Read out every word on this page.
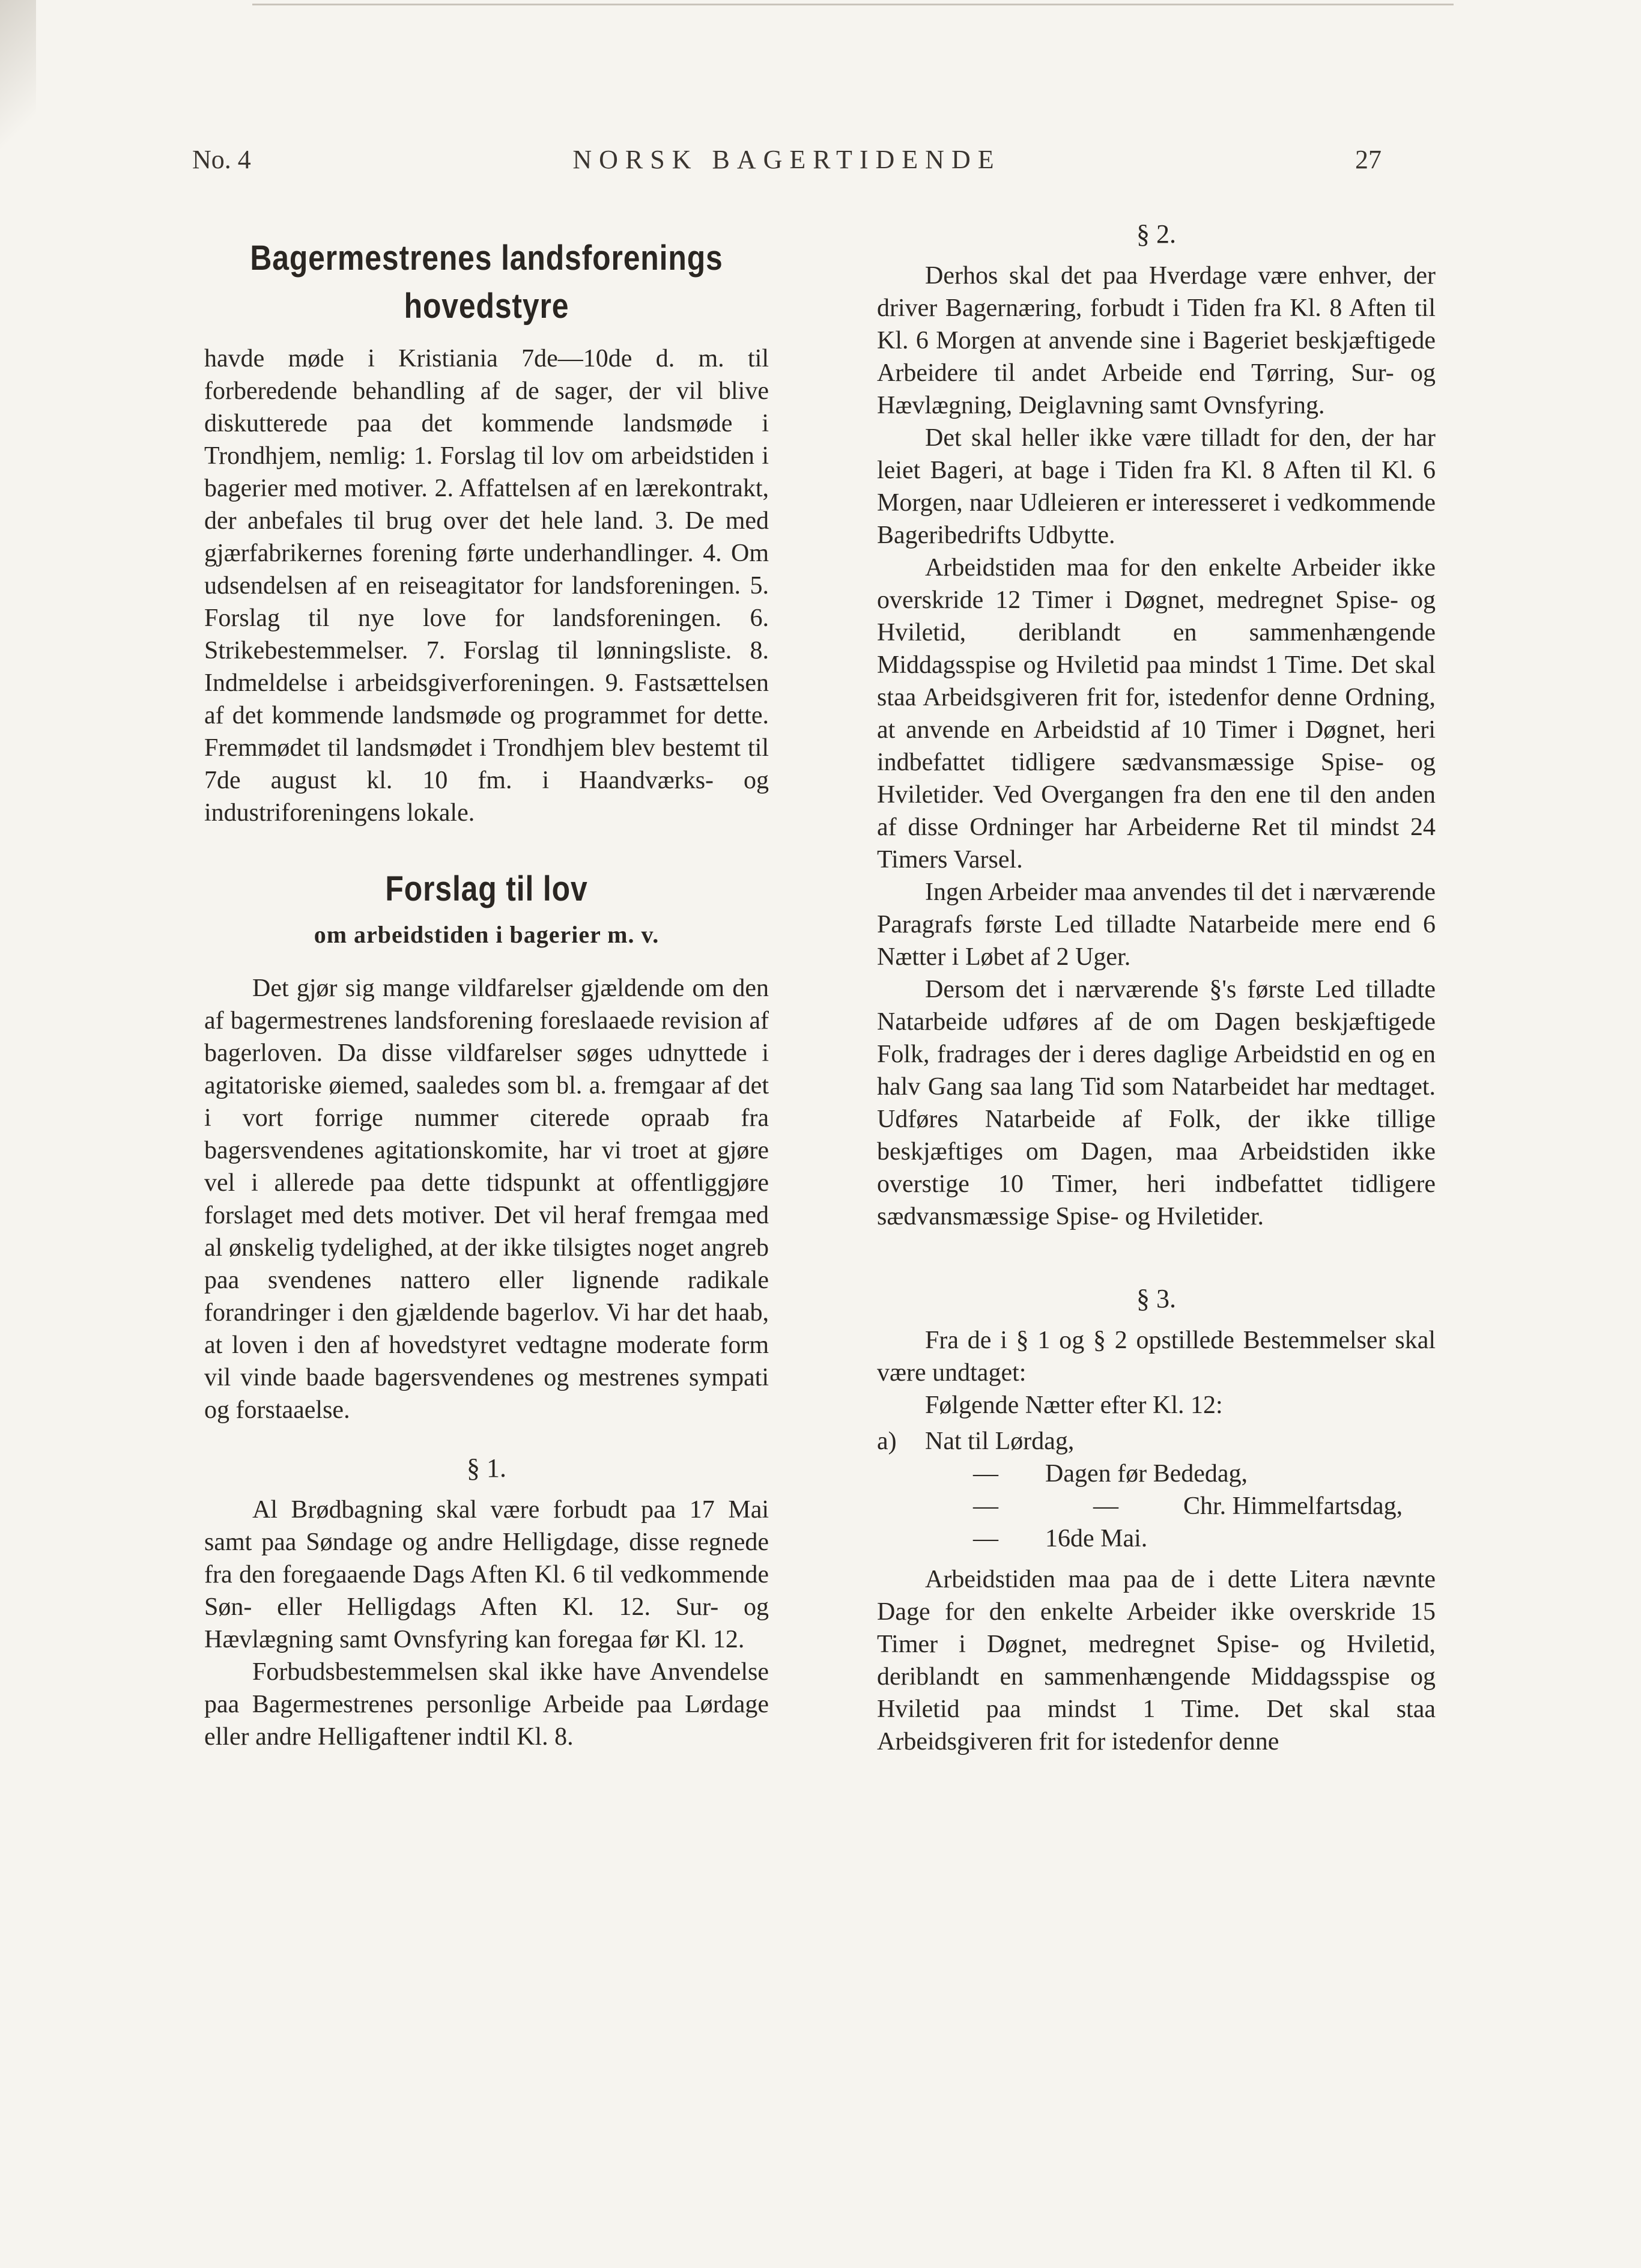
No. 4	NORSK BAGERTIDENDE	27
Bagermestrenes landsforenings hovedstyre

havde møde i Kristiania 7de—10de d. m. til forberedende behandling af de sager, der vil blive diskutterede paa det kommende landsmøde i Trondhjem, nemlig: 1. Forslag til lov om arbeidstiden i bagerier med motiver. 2. Affattelsen af en lærekontrakt, der anbefales til brug over det hele land. 3. De med gjærfabrikernes forening førte underhandlinger. 4. Om udsendelsen af en reiseagitator for landsforeningen. 5. Forslag til nye love for landsforeningen. 6. Strikebestemmelser. 7. Forslag til lønningsliste. 8. Indmeldelse i arbeidsgiverforeningen. 9. Fastsættelsen af det kommende landsmøde og programmet for dette. Fremmødet til landsmødet i Trondhjem blev bestemt til 7de august kl. 10 fm. i Haandværks- og industriforeningens lokale.

Forslag til lov
om arbeidstiden i bagerier m. v.

Det gjør sig mange vildfarelser gjældende om den af bagermestrenes landsforening foreslaaede revision af bagerloven. Da disse vildfarelser søges udnyttede i agitatoriske øiemed, saaledes som bl. a. fremgaar af det i vort forrige nummer citerede opraab fra bagersvendenes agitationskomite, har vi troet at gjøre vel i allerede paa dette tidspunkt at offentliggjøre forslaget med dets motiver. Det vil heraf fremgaa med al ønskelig tydelighed, at der ikke tilsigtes noget angreb paa svendenes nattero eller lignende radikale forandringer i den gjældende bagerlov. Vi har det haab, at loven i den af hovedstyret vedtagne moderate form vil vinde baade bagersvendenes og mestrenes sympati og forstaaelse.

§ 1.

Al Brødbagning skal være forbudt paa 17 Mai samt paa Søndage og andre Helligdage, disse regnede fra den foregaaende Dags Aften Kl. 6 til vedkommende Søn- eller Helligdags Aften Kl. 12. Sur- og Hævlægning samt Ovnsfyring kan foregaa før Kl. 12.

Forbudsbestemmelsen skal ikke have Anvendelse paa Bagermestrenes personlige Arbeide paa Lørdage eller andre Helligaftener indtil Kl. 8.

§ 2.

Derhos skal det paa Hverdage være enhver, der driver Bagernæring, forbudt i Tiden fra Kl. 8 Aften til Kl. 6 Morgen at anvende sine i Bageriet beskjæftigede Arbeidere til andet Arbeide end Tørring, Sur- og Hævlægning, Deiglavning samt Ovnsfyring.

Det skal heller ikke være tilladt for den, der har leiet Bageri, at bage i Tiden fra Kl. 8 Aften til Kl. 6 Morgen, naar Udleieren er interesseret i vedkommende Bageribedrifts Udbytte.

Arbeidstiden maa for den enkelte Arbeider ikke overskride 12 Timer i Døgnet, medregnet Spise- og Hviletid, deriblandt en sammenhængende Middagsspise og Hviletid paa mindst 1 Time. Det skal staa Arbeidsgiveren frit for, istedenfor denne Ordning, at anvende en Arbeidstid af 10 Timer i Døgnet, heri indbefattet tidligere sædvansmæssige Spise- og Hviletider. Ved Overgangen fra den ene til den anden af disse Ordninger har Arbeiderne Ret til mindst 24 Timers Varsel.

Ingen Arbeider maa anvendes til det i nærværende Paragrafs første Led tilladte Natarbeide mere end 6 Nætter i Løbet af 2 Uger.

Dersom det i nærværende §'s første Led tilladte Natarbeide udføres af de om Dagen beskjæftigede Folk, fradrages der i deres daglige Arbeidstid en og en halv Gang saa lang Tid som Natarbeidet har medtaget. Udføres Natarbeide af Folk, der ikke tillige beskjæftiges om Dagen, maa Arbeidstiden ikke overstige 10 Timer, heri indbefattet tidligere sædvansmæssige Spise- og Hviletider.

§ 3.

Fra de i § 1 og § 2 opstillede Bestemmelser skal være undtaget:

Følgende Nætter efter Kl. 12:

a) Nat til Lørdag,
— Dagen før Bededag,
—	—	Chr. Himmelfartsdag,
— 16de Mai.

Arbeidstiden maa paa de i dette Litera nævnte Dage for den enkelte Arbeider ikke overskride 15 Timer i Døgnet, medregnet Spise- og Hviletid, deriblandt en sammenhængende Middagsspise og Hviletid paa mindst 1 Time. Det skal staa Arbeidsgiveren frit for istedenfor denne
